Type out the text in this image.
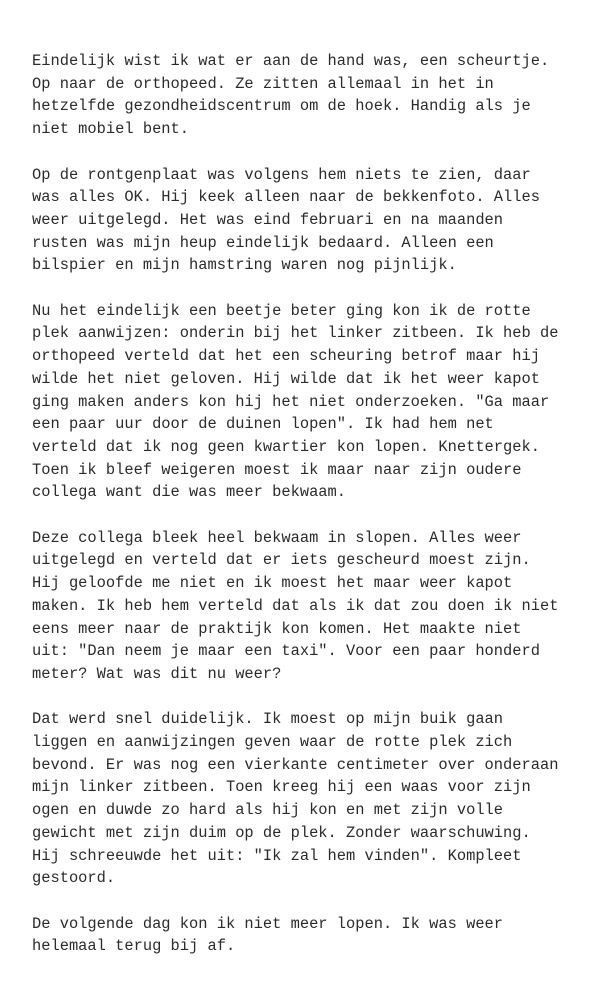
Eindelijk wist ik wat er aan de hand was, een scheurtje.
Op naar de orthopeed. Ze zitten allemaal in het in
hetzelfde gezondheidscentrum om de hoek. Handig als je
niet mobiel bent.

Op de rontgenplaat was volgens hem niets te zien, daar
was alles OK. Hij keek alleen naar de bekkenfoto. Alles
weer uitgelegd. Het was eind februari en na maanden
rusten was mijn heup eindelijk bedaard. Alleen een
bilspier en mijn hamstring waren nog pijnlijk.

Nu het eindelijk een beetje beter ging kon ik de rotte
plek aanwijzen: onderin bij het linker zitbeen. Ik heb de
orthopeed verteld dat het een scheuring betrof maar hij
wilde het niet geloven. Hij wilde dat ik het weer kapot
ging maken anders kon hij het niet onderzoeken. "Ga maar
een paar uur door de duinen lopen". Ik had hem net
verteld dat ik nog geen kwartier kon lopen. Knettergek.
Toen ik bleef weigeren moest ik maar naar zijn oudere
collega want die was meer bekwaam.

Deze collega bleek heel bekwaam in slopen. Alles weer
uitgelegd en verteld dat er iets gescheurd moest zijn.
Hij geloofde me niet en ik moest het maar weer kapot
maken. Ik heb hem verteld dat als ik dat zou doen ik niet
eens meer naar de praktijk kon komen. Het maakte niet
uit: "Dan neem je maar een taxi". Voor een paar honderd
meter? Wat was dit nu weer?

Dat werd snel duidelijk. Ik moest op mijn buik gaan
liggen en aanwijzingen geven waar de rotte plek zich
bevond. Er was nog een vierkante centimeter over onderaan
mijn linker zitbeen. Toen kreeg hij een waas voor zijn
ogen en duwde zo hard als hij kon en met zijn volle
gewicht met zijn duim op de plek. Zonder waarschuwing.
Hij schreeuwde het uit: "Ik zal hem vinden". Kompleet
gestoord.

De volgende dag kon ik niet meer lopen. Ik was weer
helemaal terug bij af.
